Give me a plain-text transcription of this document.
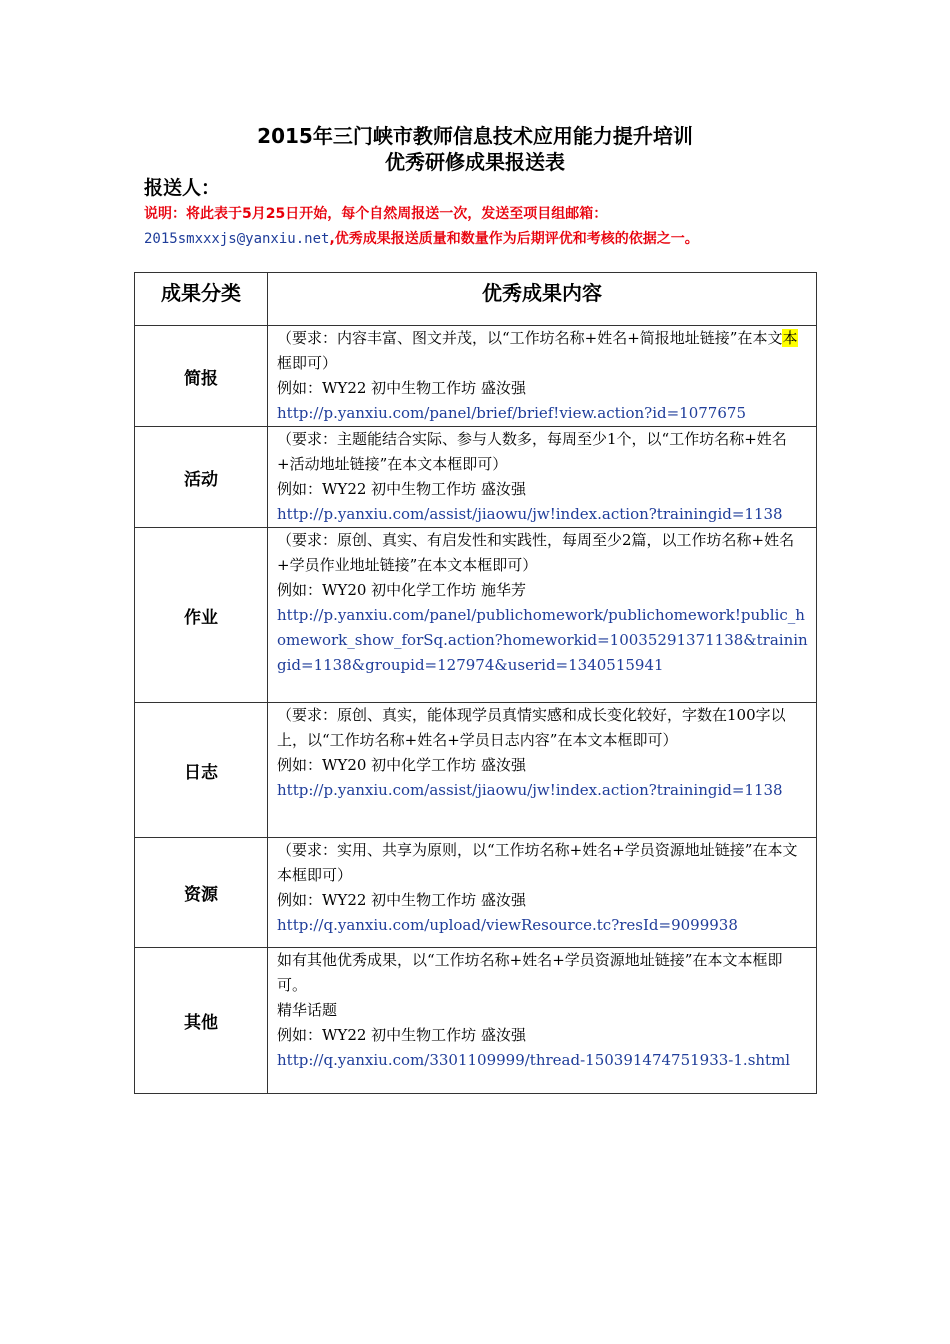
2015年三门峡市教师信息技术应用能力提升培训
优秀研修成果报送表
报送人：
说明：将此表于5月25日开始，每个自然周报送一次，发送至项目组邮箱：
2015smxxxjs@yanxiu.net,优秀成果报送质量和数量作为后期评优和考核的依据之一。
成果分类	优秀成果内容
简报	（要求：内容丰富、图文并茂，以“工作坊名称+姓名+简报地址链接”在本文本框即可）
例如：WY22 初中生物工作坊 盛汝强
http://p.yanxiu.com/panel/brief/brief!view.action?id=1077675

活动	（要求：主题能结合实际、参与人数多，每周至少1个，以“工作坊名称+姓名+活动地址链接”在本文本框即可）
例如：WY22 初中生物工作坊 盛汝强
http://p.yanxiu.com/assist/jiaowu/jw!index.action?trainingid=1138

作业	（要求：原创、真实、有启发性和实践性，每周至少2篇，以工作坊名称+姓名+学员作业地址链接”在本文本框即可）
例如：WY20 初中化学工作坊 施华芳
http://p.yanxiu.com/panel/publichomework/publichomework!public_homework_show_forSq.action?homeworkid=10035291371138&trainingid=1138&groupid=127974&userid=1340515941

日志	（要求：原创、真实，能体现学员真情实感和成长变化较好，字数在100字以上，以“工作坊名称+姓名+学员日志内容”在本文本框即可）
例如：WY20 初中化学工作坊 盛汝强
http://p.yanxiu.com/assist/jiaowu/jw!index.action?trainingid=1138

资源	（要求：实用、共享为原则，以“工作坊名称+姓名+学员资源地址链接”在本文本框即可）
例如：WY22 初中生物工作坊 盛汝强
http://q.yanxiu.com/upload/viewResource.tc?resId=9099938

其他	如有其他优秀成果，以“工作坊名称+姓名+学员资源地址链接”在本文本框即可。
精华话题
例如：WY22 初中生物工作坊 盛汝强
http://q.yanxiu.com/3301109999/thread-150391474751933-1.shtml
